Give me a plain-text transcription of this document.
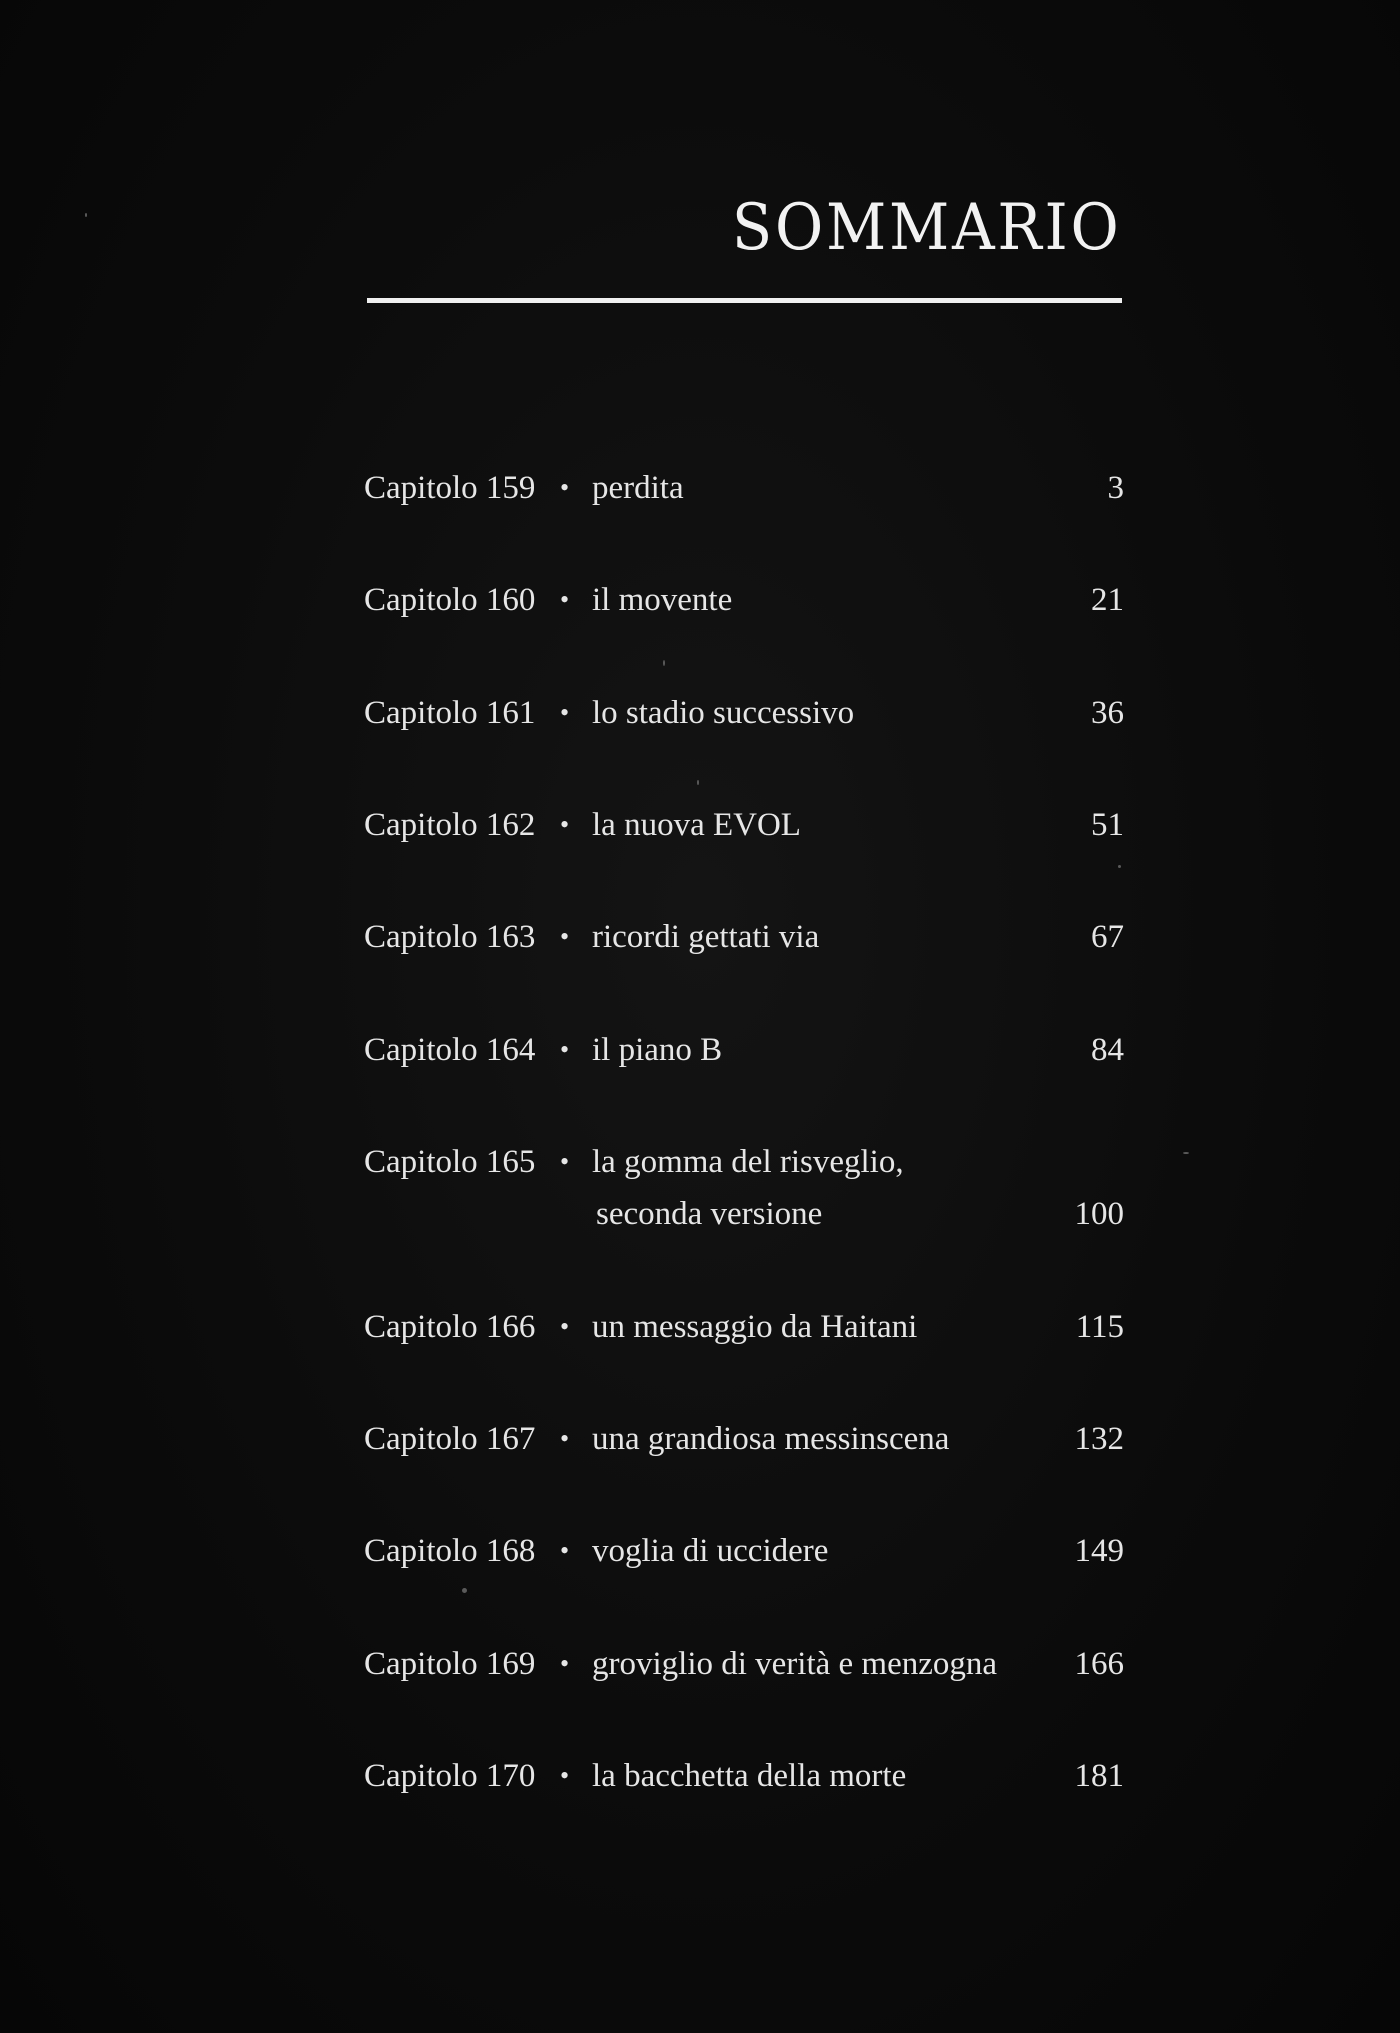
SOMMARIO
Capitolo 159 • perdita	3
Capitolo 160 • il movente	21
Capitolo 161 • lo stadio successivo	36
Capitolo 162 • la nuova EVOL	51
Capitolo 163 • ricordi gettati via	67
Capitolo 164 • il piano B	84
Capitolo 165 • la gomma del risveglio,
seconda versione	100
Capitolo 166 • un messaggio da Haitani	115
Capitolo 167 • una grandiosa messinscena	132
Capitolo 168 • voglia di uccidere	149
Capitolo 169 • groviglio di verità e menzogna 166
Capitolo 170 • la bacchetta della morte	181
